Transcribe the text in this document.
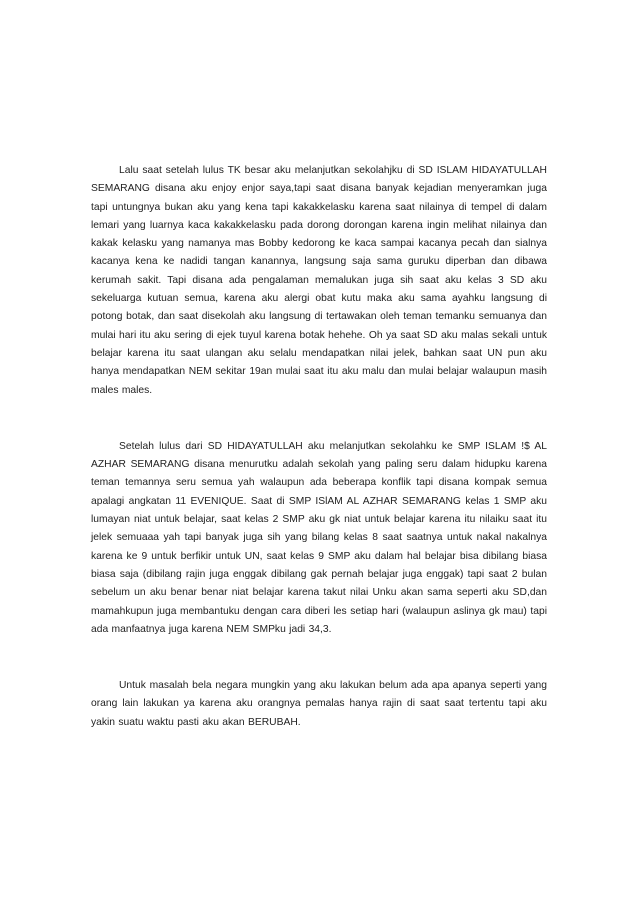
Lalu saat setelah lulus TK besar aku melanjutkan sekolahjku di SD ISLAM HIDAYATULLAH SEMARANG disana aku enjoy enjor saya,tapi saat disana banyak kejadian menyeramkan juga tapi untungnya bukan aku yang kena tapi kakakkelasku karena saat nilainya di tempel di dalam lemari yang luarnya kaca kakakkelasku pada dorong dorongan karena ingin melihat nilainya dan kakak kelasku yang namanya mas Bobby kedorong ke kaca sampai kacanya pecah dan sialnya kacanya kena ke nadidi tangan kanannya, langsung saja sama guruku diperban dan dibawa kerumah sakit. Tapi disana ada pengalaman memalukan juga sih saat aku kelas 3 SD aku sekeluarga kutuan semua, karena aku alergi obat kutu maka aku sama ayahku langsung di potong botak, dan saat disekolah aku langsung di tertawakan oleh teman temanku semuanya dan mulai hari itu aku sering di ejek tuyul karena botak hehehe. Oh ya saat SD aku malas sekali untuk belajar karena itu saat ulangan aku selalu mendapatkan nilai jelek, bahkan saat UN pun aku hanya mendapatkan NEM sekitar 19an mulai saat itu aku malu dan mulai belajar walaupun masih males males.

Setelah lulus dari SD HIDAYATULLAH aku melanjutkan sekolahku ke SMP ISLAM !$ AL AZHAR SEMARANG disana menurutku adalah sekolah yang paling seru dalam hidupku karena teman temannya seru semua yah walaupun ada beberapa konflik tapi disana kompak semua apalagi angkatan 11 EVENIQUE. Saat di SMP ISlAM AL AZHAR SEMARANG kelas 1 SMP aku lumayan niat untuk belajar, saat kelas 2 SMP aku gk niat untuk belajar karena itu nilaiku saat itu jelek semuaaa yah tapi banyak juga sih yang bilang kelas 8 saat saatnya untuk nakal nakalnya karena ke 9 untuk berfikir untuk UN, saat kelas 9 SMP aku dalam hal belajar bisa dibilang biasa biasa saja (dibilang rajin juga enggak dibilang gak pernah belajar juga enggak) tapi saat 2 bulan sebelum un aku benar benar niat belajar karena takut nilai Unku akan sama seperti aku SD,dan mamahkupun juga membantuku dengan cara diberi les setiap hari (walaupun aslinya gk mau) tapi ada manfaatnya juga karena NEM SMPku jadi 34,3.

Untuk masalah bela negara mungkin yang aku lakukan belum ada apa apanya seperti yang orang lain lakukan ya karena aku orangnya pemalas hanya rajin di saat saat tertentu tapi aku yakin suatu waktu pasti aku akan BERUBAH.
